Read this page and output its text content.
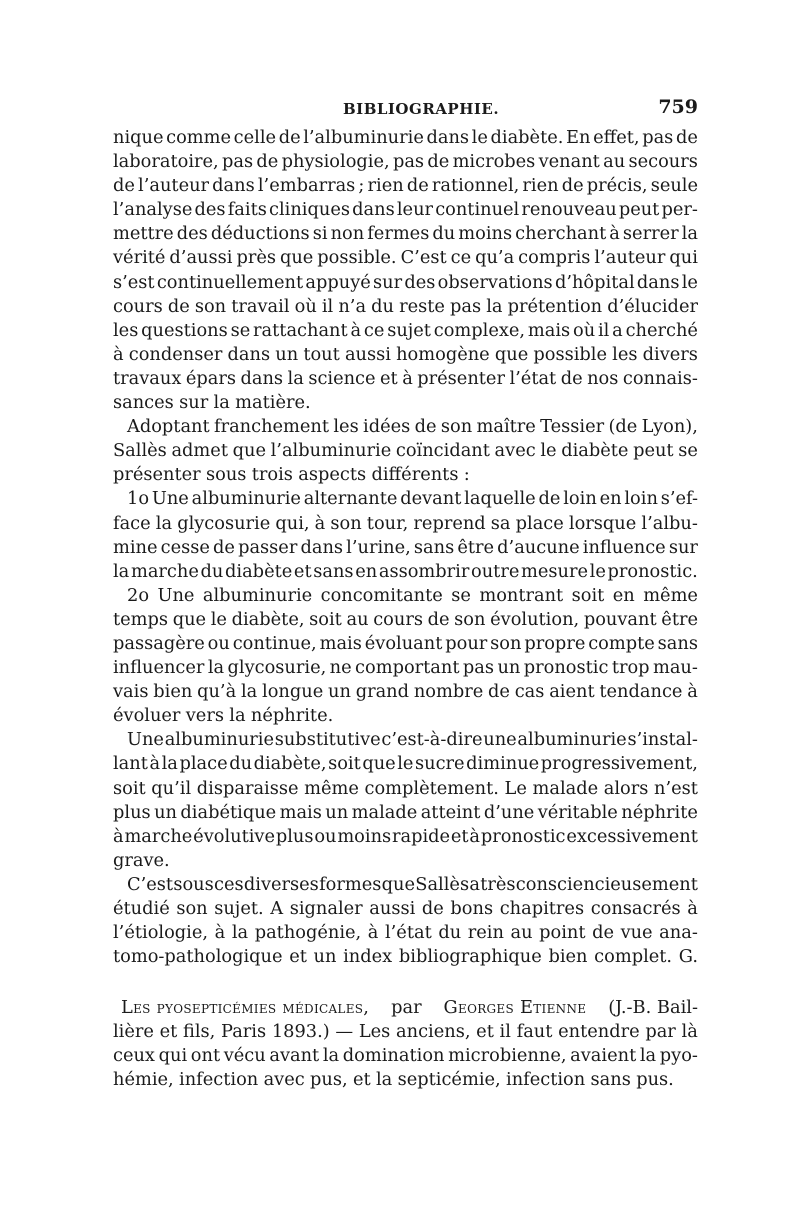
BIBLIOGRAPHIE.	759
nique comme celle de l’albuminurie dans le diabète. En effet, pas de
laboratoire, pas de physiologie, pas de microbes venant au secours
de l’auteur dans l’embarras ; rien de rationnel, rien de précis, seule
l’analyse des faits cliniques dans leur continuel renouveau peut per-
mettre des déductions si non fermes du moins cherchant à serrer la
vérité d’aussi près que possible. C’est ce qu’a compris l’auteur qui
s’est continuellement appuyé sur des observations d’hôpital dans le
cours de son travail où il n’a du reste pas la prétention d’élucider
les questions se rattachant à ce sujet complexe, mais où il a cherché
à condenser dans un tout aussi homogène que possible les divers
travaux épars dans la science et à présenter l’état de nos connais-
sances sur la matière.
Adoptant franchement les idées de son maître Tessier (de Lyon),
Sallès admet que l’albuminurie coïncidant avec le diabète peut se
présenter sous trois aspects différents :
1o Une albuminurie alternante devant laquelle de loin en loin s’ef-
face la glycosurie qui, à son tour, reprend sa place lorsque l’albu-
mine cesse de passer dans l’urine, sans être d’aucune influence sur
la marche du diabète et sans en assombrir outre mesure le pronostic.
2o Une albuminurie concomitante se montrant soit en même
temps que le diabète, soit au cours de son évolution, pouvant être
passagère ou continue, mais évoluant pour son propre compte sans
influencer la glycosurie, ne comportant pas un pronostic trop mau-
vais bien qu’à la longue un grand nombre de cas aient tendance à
évoluer vers la néphrite.
Une albuminurie substitutive c’est-à-dire une albuminurie s’instal-
lant à la place du diabète, soit que le sucre diminue progressivement,
soit qu’il disparaisse même complètement. Le malade alors n’est
plus un diabétique mais un malade atteint d’une véritable néphrite
à marche évolutive plus ou moins rapide et à pronostic excessivement
grave.
C’est sous ces diverses formes que Sallès a très consciencieusement
étudié son sujet. A signaler aussi de bons chapitres consacrés à
l’étiologie, à la pathogénie, à l’état du rein au point de vue ana-
tomo-pathologique et un index bibliographique bien complet. G.
Les pyosepticémies médicales, par Georges Etienne (J.-B. Bail-
lière et fils, Paris 1893.) — Les anciens, et il faut entendre par là
ceux qui ont vécu avant la domination microbienne, avaient la pyo-
hémie, infection avec pus, et la septicémie, infection sans pus.
